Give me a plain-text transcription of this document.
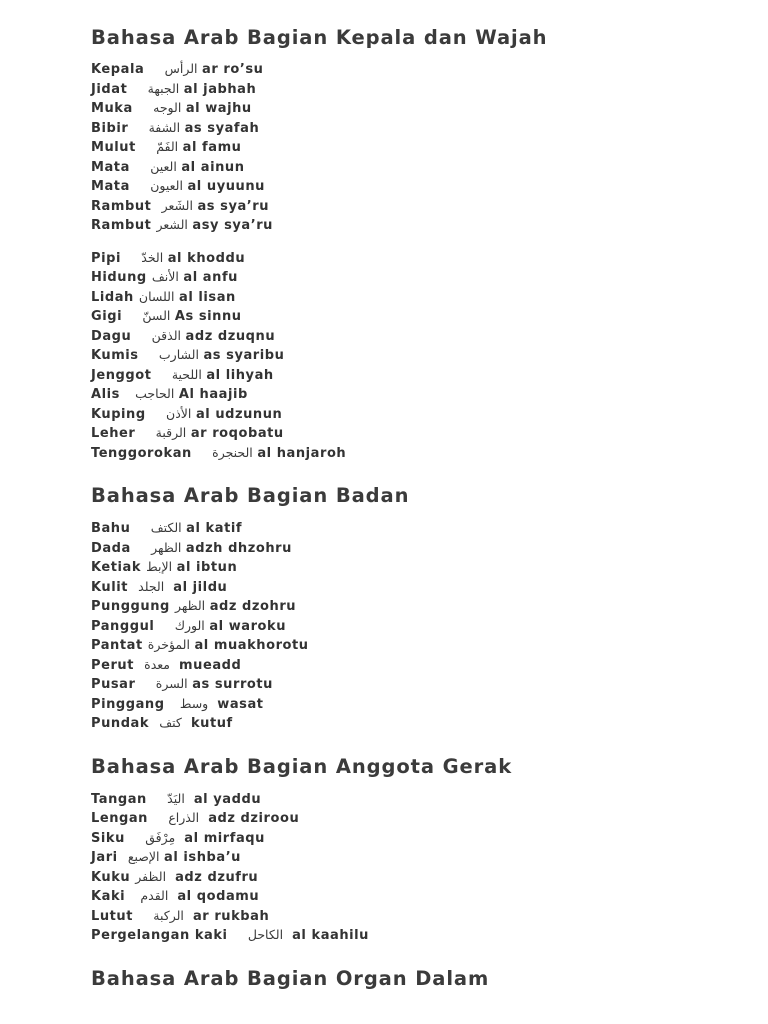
Bahasa Arab Bagian Kepala dan Wajah
Kepala الرأس ar ro’su
Jidat الجبهة al jabhah
Muka الوجه al wajhu
Bibir الشفة as syafah
Mulut الفَمّ al famu
Mata العين al ainun
Mata العيون al uyuunu
Rambut الشَعر as sya’ru
Rambut الشعر asy sya’ru
Pipi الخدّ al khoddu
Hidung الأنف al anfu
Lidah اللسان al lisan
Gigi السنّ As sinnu
Dagu الذقن adz dzuqnu
Kumis الشارب as syaribu
Jenggot اللحية al lihyah
Alis الحاجب Al haajib
Kuping الأذن al udzunun
Leher الرقبة ar roqobatu
Tenggorokan الحنجرة al hanjaroh
Bahasa Arab Bagian Badan
Bahu الكتف al katif
Dada الظهر adzh dhzohru
Ketiak الإبط al ibtun
Kulit الجلد al jildu
Punggung الظهر adz dzohru
Panggul الورك al waroku
Pantat المؤخرة al muakhorotu
Perut معدة mueadd
Pusar السرة as surrotu
Pinggang وسط wasat
Pundak كتف kutuf
Bahasa Arab Bagian Anggota Gerak
Tangan اليَدّ al yaddu
Lengan الذراع adz dziroou
Siku مِرْفَق al mirfaqu
Jari الإصبع al ishba’u
Kuku الظفر adz dzufru
Kaki القدم al qodamu
Lutut الركبة ar rukbah
Pergelangan kaki الكاحل al kaahilu
Bahasa Arab Bagian Organ Dalam
